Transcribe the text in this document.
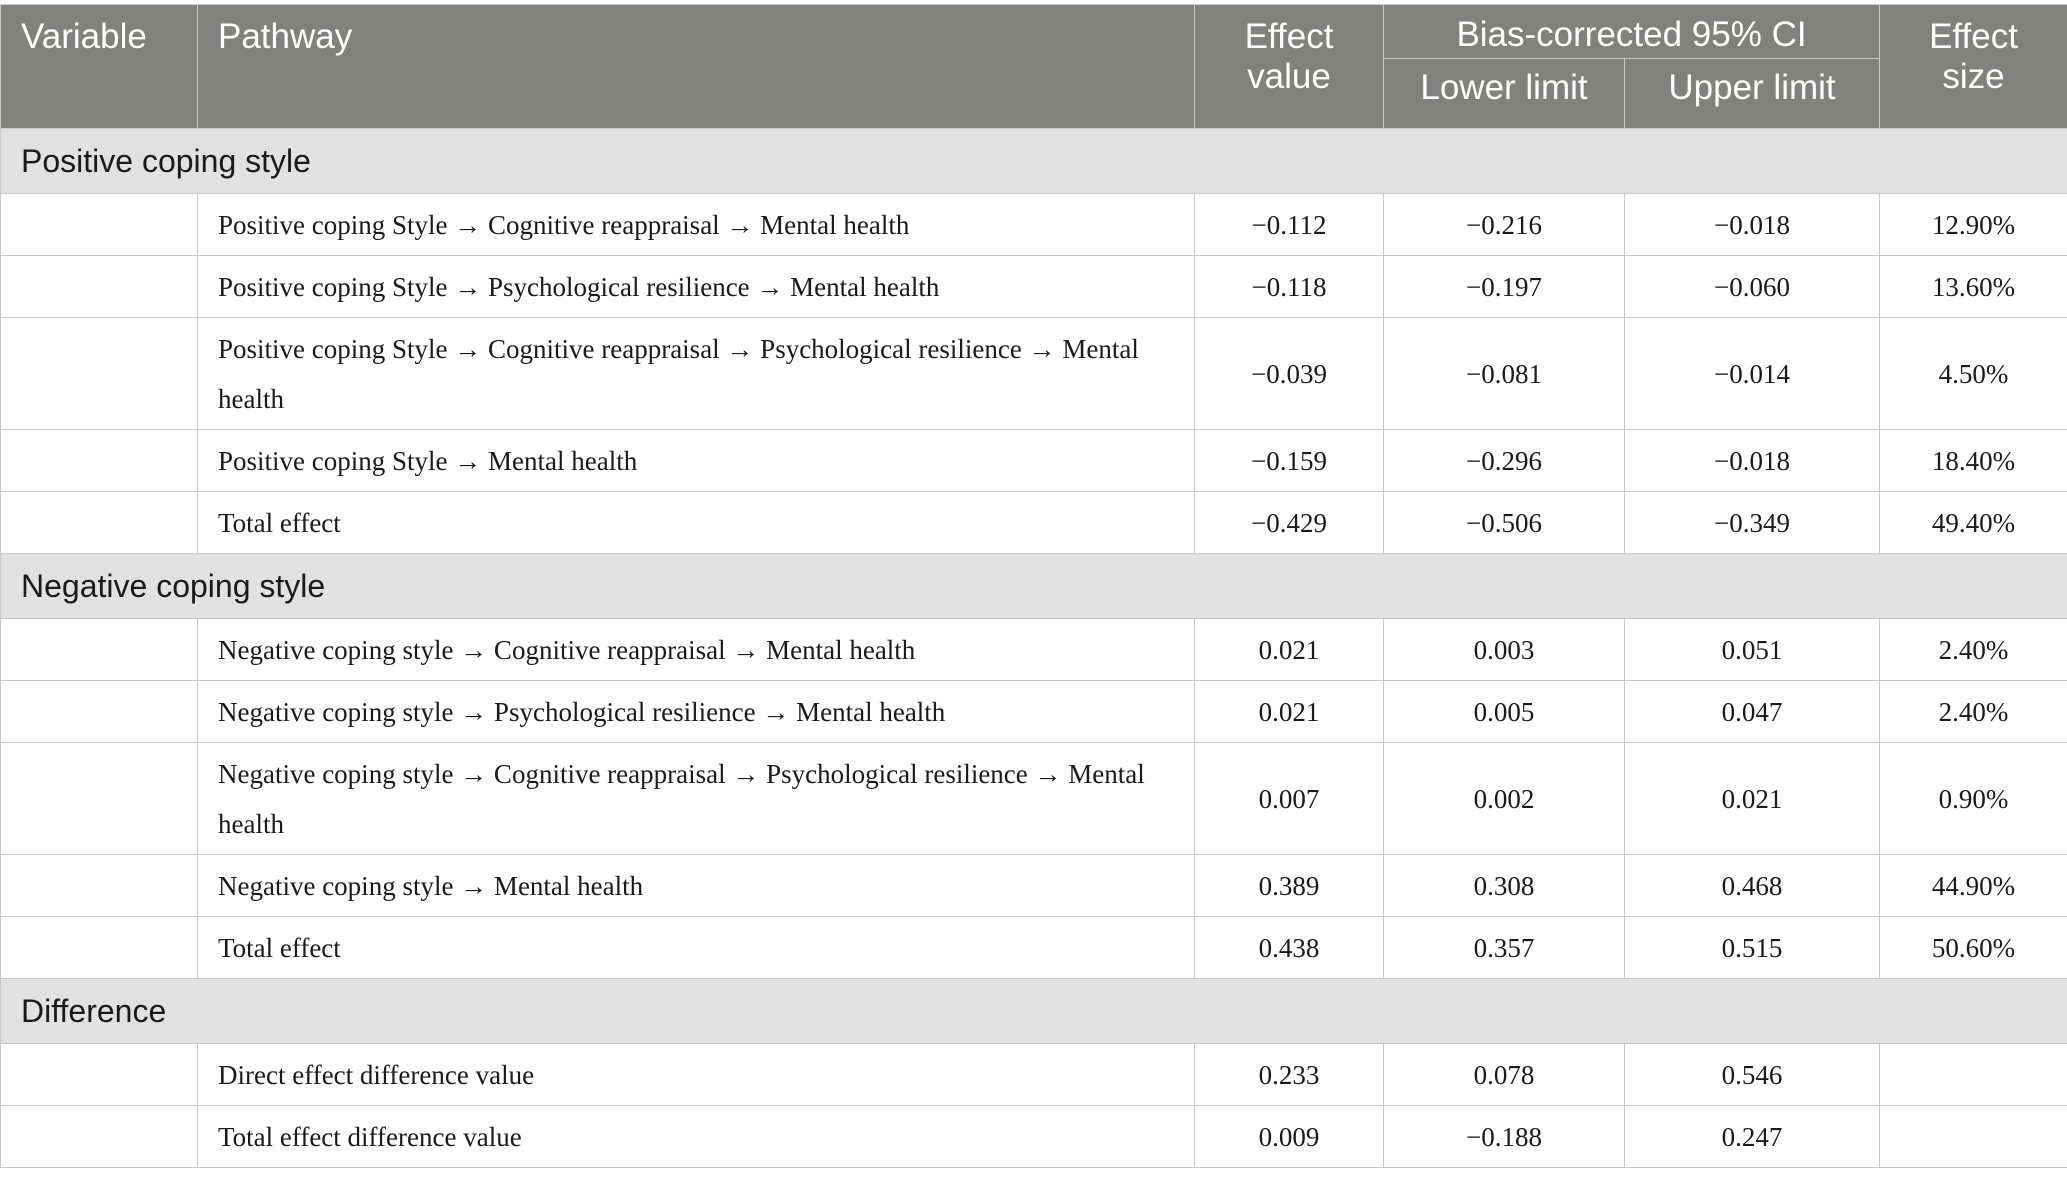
Variable	Pathway	Effect value	Bias-corrected 95% CI		Effect size
			Lower limit	Upper limit	
Positive coping style					
	Positive coping Style → Cognitive reappraisal → Mental health	−0.112	−0.216	−0.018	12.90%
	Positive coping Style → Psychological resilience → Mental health	−0.118	−0.197	−0.060	13.60%
	Positive coping Style → Cognitive reappraisal → Psychological resilience → Mental health	−0.039	−0.081	−0.014	4.50%
	Positive coping Style → Mental health	−0.159	−0.296	−0.018	18.40%
	Total effect	−0.429	−0.506	−0.349	49.40%
Negative coping style					
	Negative coping style → Cognitive reappraisal → Mental health	0.021	0.003	0.051	2.40%
	Negative coping style → Psychological resilience → Mental health	0.021	0.005	0.047	2.40%
	Negative coping style → Cognitive reappraisal → Psychological resilience → Mental health	0.007	0.002	0.021	0.90%
	Negative coping style → Mental health	0.389	0.308	0.468	44.90%
	Total effect	0.438	0.357	0.515	50.60%
Difference					
	Direct effect difference value	0.233	0.078	0.546	
	Total effect difference value	0.009	−0.188	0.247	
